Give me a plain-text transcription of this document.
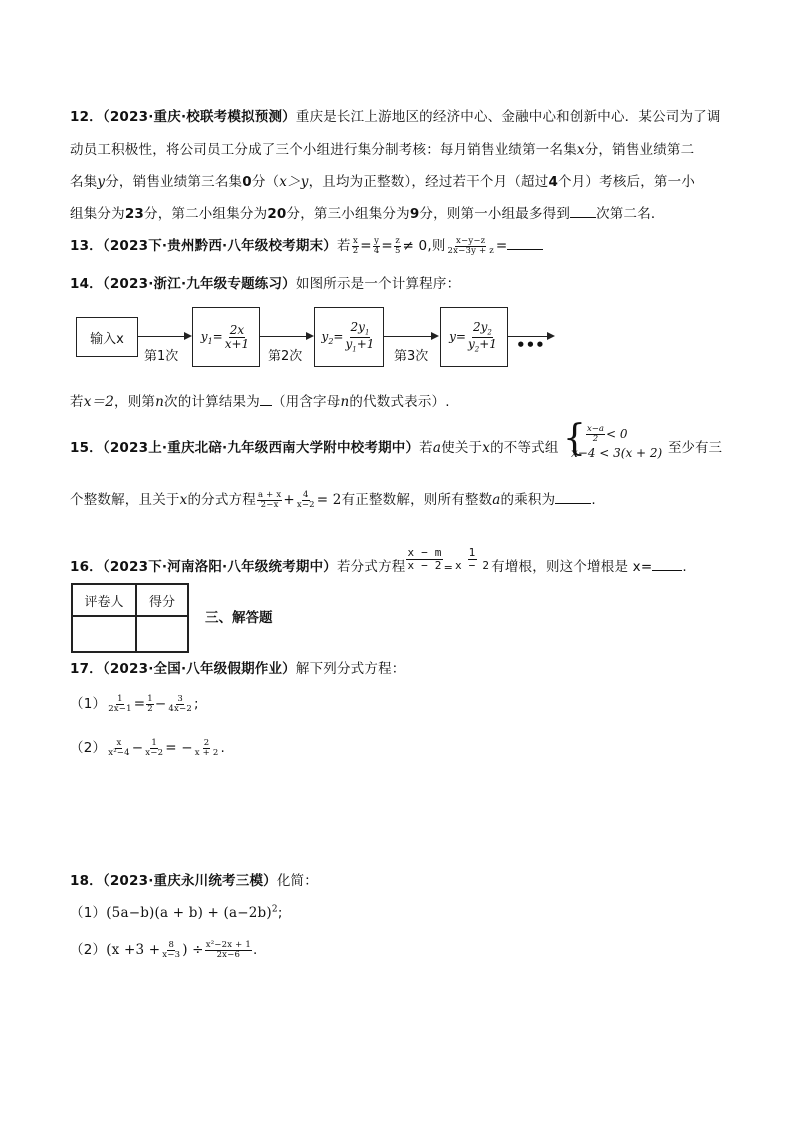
12．（2023·重庆·校联考模拟预测）重庆是长江上游地区的经济中心、金融中心和创新中心．某公司为了调
动员工积极性，将公司员工分成了三个小组进行集分制考核：每月销售业绩第一名集x分，销售业绩第二
名集y分，销售业绩第三名集0分（x＞y，且均为正整数），经过若干个月（超过4个月）考核后，第一小
组集分为23分，第二小组集分为20分，第三小组集分为9分，则第一小组最多得到 次第二名．
13．（2023下·贵州黔西·八年级校考期末）若 $\frac{x}{2} = \frac{y}{4} = \frac{z}{5} \ne 0$,则 $\frac{x-y-z}{2x-3y + z}$ =
14．（2023·浙江·九年级专题练习）如图所示是一个计算程序：
输入x
第1次
$y_1= \frac{2x}{x+1}$
第2次
$y_2= \frac{2y_1}{y_1+1}$
第3次
$y= \frac{2y_2}{y_2+1}$ •••
若x＝2，则第n次的计算结果为 （用含字母n的代数式表示）.
15．（2023上·重庆北碚·九年级西南大学附中校考期中）若a使关于x的不等式组 { $\frac{x-a}{2} < 0$
x−4 < 3(x + 2) 至少有三
个整数解，且关于x的分式方程 $\frac{a + x}{2-x} + \frac{4}{x-2} = 2$有正整数解，则所有整数a的乘积为	.
16．（2023下·河南洛阳·八年级统考期中）若分式方程 $\frac{x - m}{x - 2} = \frac{1}{x - 2}$ 有增根，则这个增根是 x= .
评卷人	得分

三、解答题
17．（2023·全国·八年级假期作业）解下列分式方程：
$(1) \frac{1}{2x-1} = \frac{1}{2} - \frac{3}{4x-2}$ ;
$(2) \frac{x}{\text{x²−4}} - \frac{1}{x-2}$ = − $\frac{2}{x + 2}$ .
18．（2023·重庆永川统考三模）化简：
$(1)(5a-b)(a + b) + (a-2b)^2$;
$(2)(x +3 + \frac{8}{x-3}$ ) ÷ $\frac{\text{x²−2x + 1}}{2x-6}$ .
